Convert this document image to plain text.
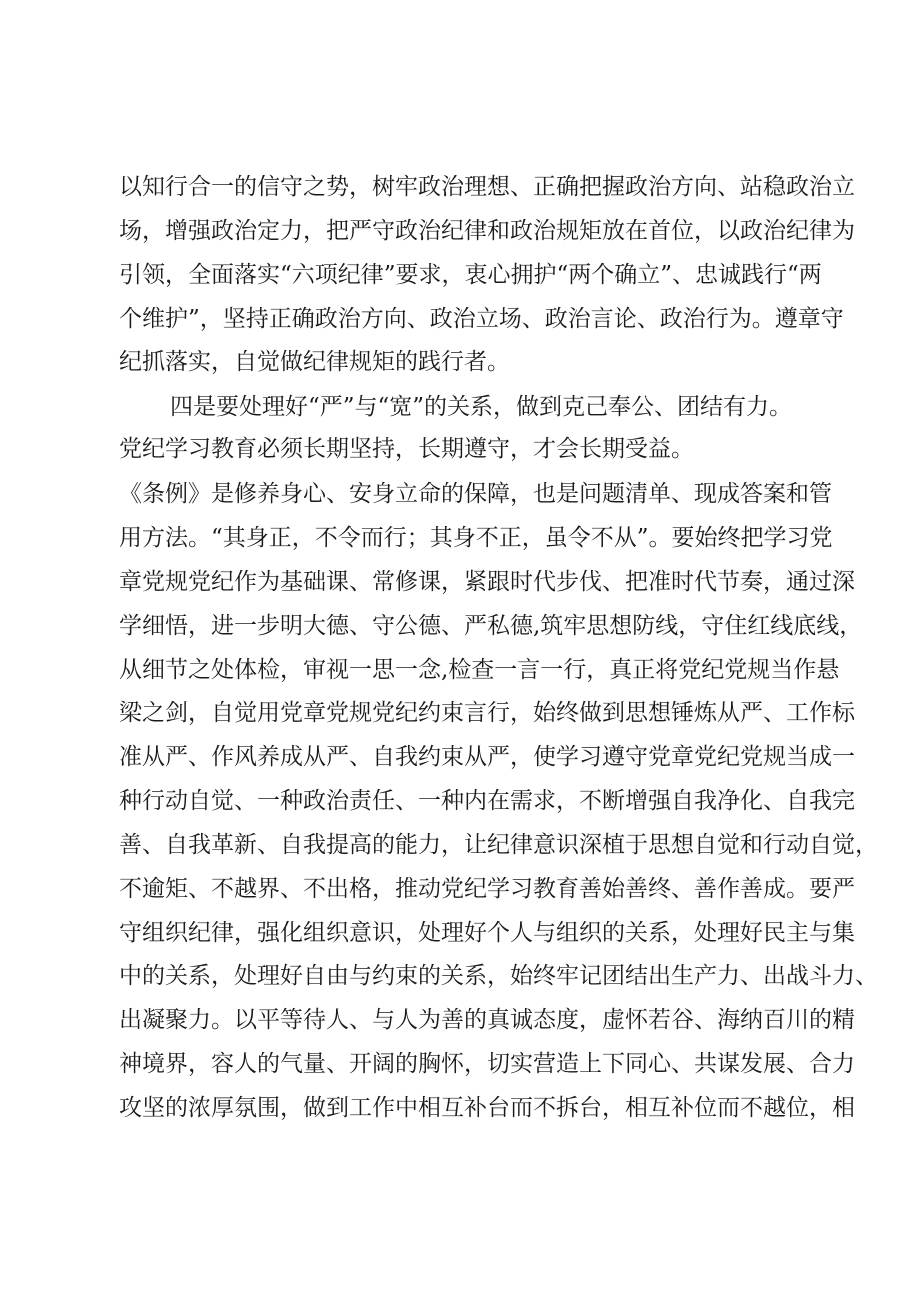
以知行合一的信守之势，树牢政治理想、正确把握政治方向、站稳政治立
场，增强政治定力，把严守政治纪律和政治规矩放在首位，以政治纪律为
引领，全面落实“六项纪律”要求，衷心拥护“两个确立”、忠诚践行“两
个维护”，坚持正确政治方向、政治立场、政治言论、政治行为。遵章守
纪抓落实，自觉做纪律规矩的践行者。
四是要处理好“严”与“宽”的关系，做到克己奉公、团结有力。
党纪学习教育必须长期坚持，长期遵守，才会长期受益。
《条例》是修养身心、安身立命的保障，也是问题清单、现成答案和管
用方法。“其身正，不令而行；其身不正，虽令不从”。要始终把学习党
章党规党纪作为基础课、常修课，紧跟时代步伐、把准时代节奏，通过深
学细悟，进一步明大德、守公德、严私德,筑牢思想防线，守住红线底线，
从细节之处体检，审视一思一念,检查一言一行，真正将党纪党规当作悬
梁之剑，自觉用党章党规党纪约束言行，始终做到思想锤炼从严、工作标
准从严、作风养成从严、自我约束从严，使学习遵守党章党纪党规当成一
种行动自觉、一种政治责任、一种内在需求，不断增强自我净化、自我完
善、自我革新、自我提高的能力，让纪律意识深植于思想自觉和行动自觉，
不逾矩、不越界、不出格，推动党纪学习教育善始善终、善作善成。要严
守组织纪律，强化组织意识，处理好个人与组织的关系，处理好民主与集
中的关系，处理好自由与约束的关系，始终牢记团结出生产力、出战斗力、
出凝聚力。以平等待人、与人为善的真诚态度，虚怀若谷、海纳百川的精
神境界，容人的气量、开阔的胸怀，切实营造上下同心、共谋发展、合力
攻坚的浓厚氛围，做到工作中相互补台而不拆台，相互补位而不越位，相
